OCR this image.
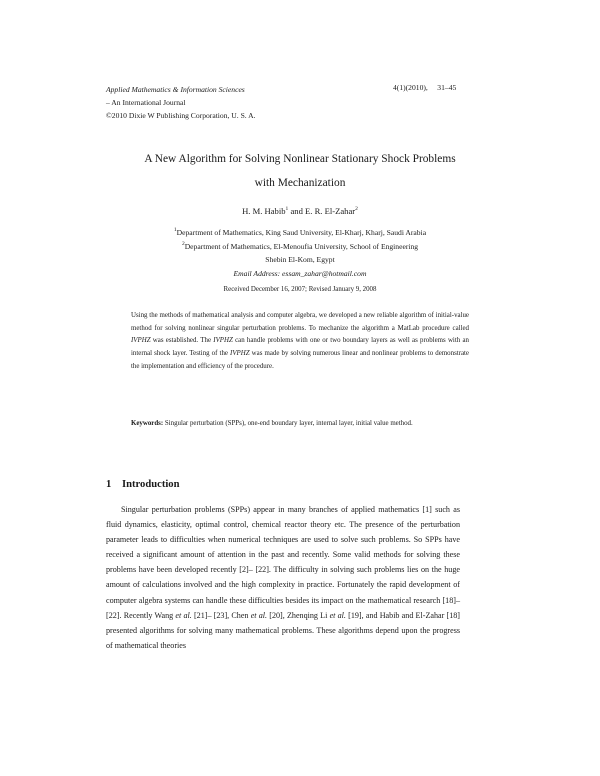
Applied Mathematics & Information Sciences
– An International Journal
©2010 Dixie W Publishing Corporation, U. S. A.
4(1)(2010), 31–45
A New Algorithm for Solving Nonlinear Stationary Shock Problems
with Mechanization
H. M. Habib$^1$ and E. R. El-Zahar$^2$
$^1$Department of Mathematics, King Saud University, El-Kharj, Kharj, Saudi Arabia
$^2$Department of Mathematics, El-Menoufia University, School of Engineering
Shebin El-Kom, Egypt
Email Address: essam_zahar@hotmail.com
Received December 16, 2007; Revised January 9, 2008

Using the methods of mathematical analysis and computer algebra, we developed a new reliable algorithm of initial-value method for solving nonlinear singular perturbation problems. To mechanize the algorithm a MatLab procedure called IVPHZ was established. The IVPHZ can handle problems with one or two boundary layers as well as problems with an internal shock layer. Testing of the IVPHZ was made by solving numerous linear and nonlinear problems to demonstrate the implementation and efficiency of the procedure.

Keywords: Singular perturbation (SPPs), one-end boundary layer, internal layer, initial value method.

1 Introduction

Singular perturbation problems (SPPs) appear in many branches of applied mathematics [1] such as fluid dynamics, elasticity, optimal control, chemical reactor theory etc. The presence of the perturbation parameter leads to difficulties when numerical techniques are used to solve such problems. So SPPs have received a significant amount of attention in the past and recently. Some valid methods for solving these problems have been developed recently [2]– [22]. The difficulty in solving such problems lies on the huge amount of calculations involved and the high complexity in practice. Fortunately the rapid development of computer algebra systems can handle these difficulties besides its impact on the mathematical research [18]– [22]. Recently Wang et al. [21]– [23], Chen et al. [20], Zhenqing Li et al. [19], and Habib and El-Zahar [18] presented algorithms for solving many mathematical problems. These algorithms depend upon the progress of mathematical theories
